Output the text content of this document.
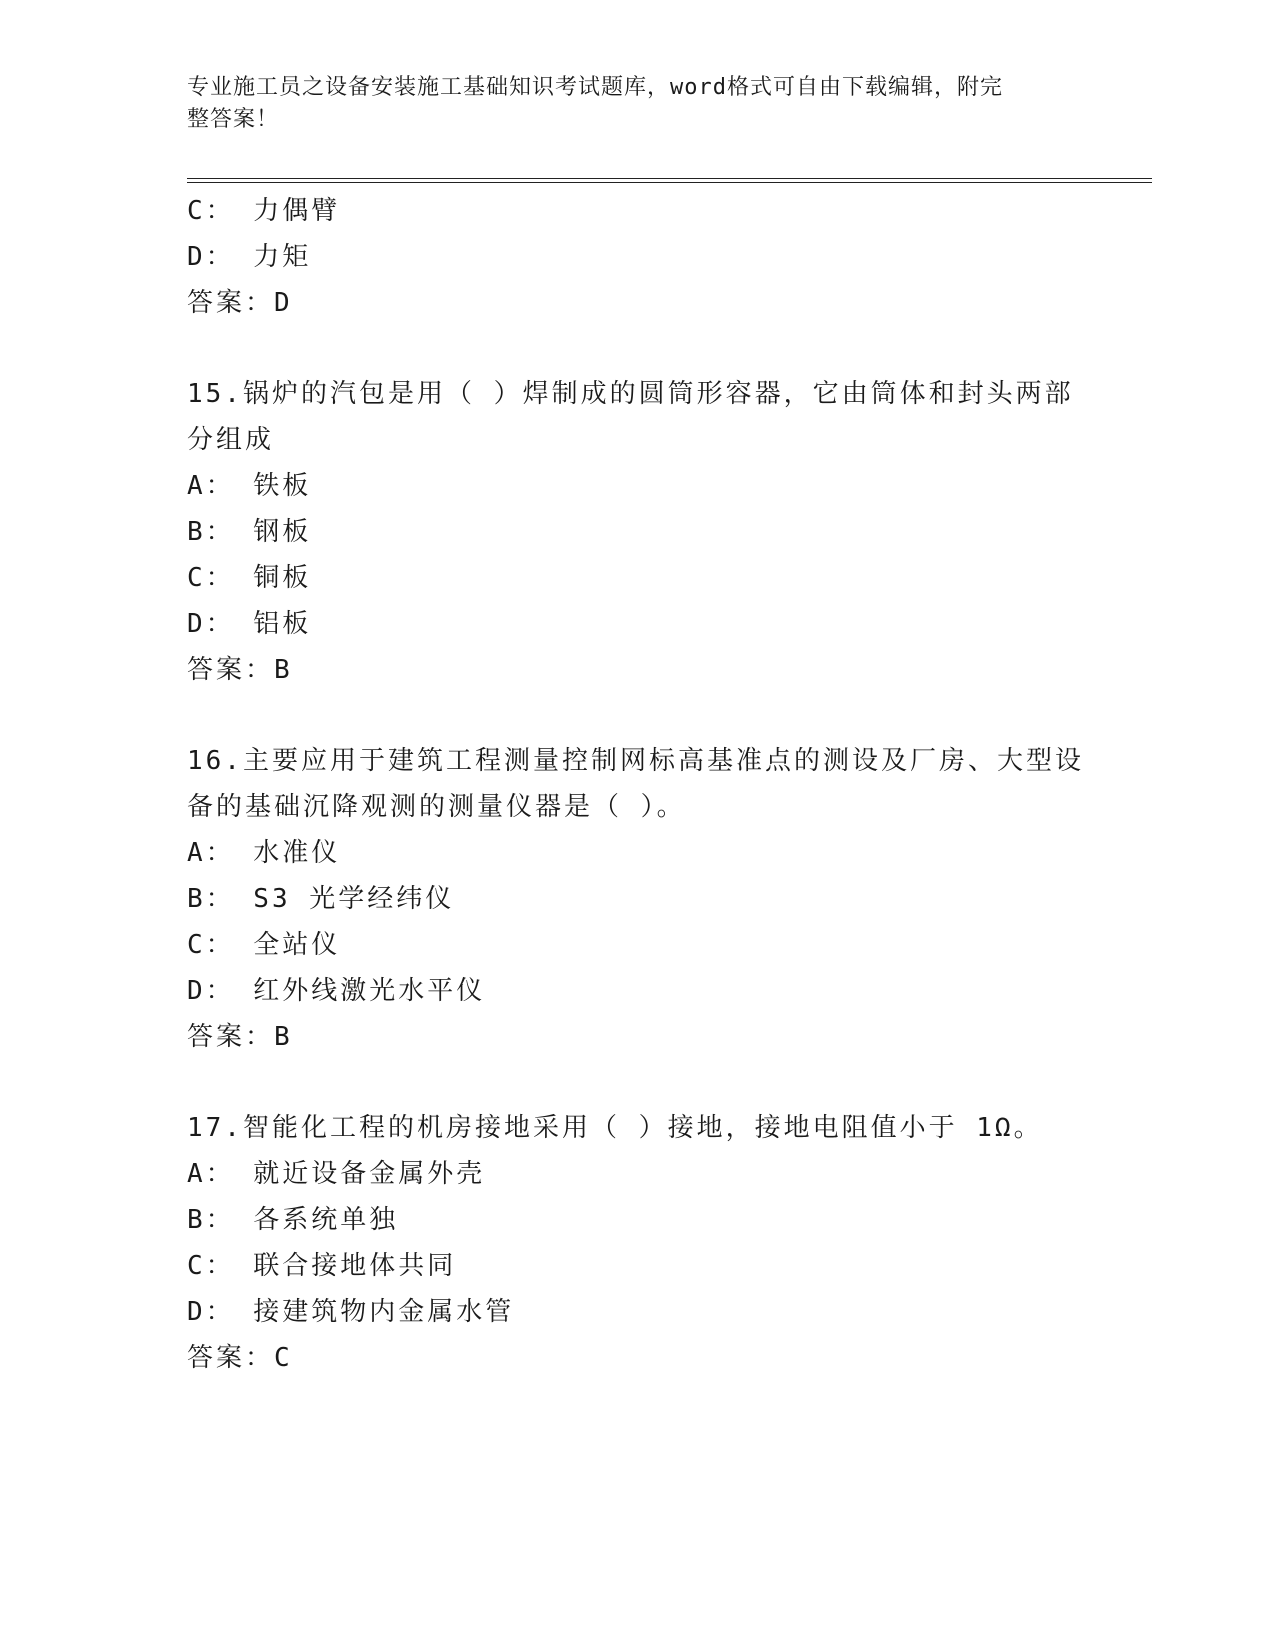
专业施工员之设备安装施工基础知识考试题库，word格式可自由下载编辑，附完
整答案！
C： 力偶臂
D： 力矩
答案：D
15.锅炉的汽包是用（ ）焊制成的圆筒形容器，它由筒体和封头两部
分组成
A： 铁板
B： 钢板
C： 铜板
D： 铝板
答案：B
16.主要应用于建筑工程测量控制网标高基准点的测设及厂房、大型设
备的基础沉降观测的测量仪器是（ ）。
A： 水准仪
B： S3 光学经纬仪
C： 全站仪
D： 红外线激光水平仪
答案：B
17.智能化工程的机房接地采用（ ）接地，接地电阻值小于 1Ω。
A： 就近设备金属外壳
B： 各系统单独
C： 联合接地体共同
D： 接建筑物内金属水管
答案：C
